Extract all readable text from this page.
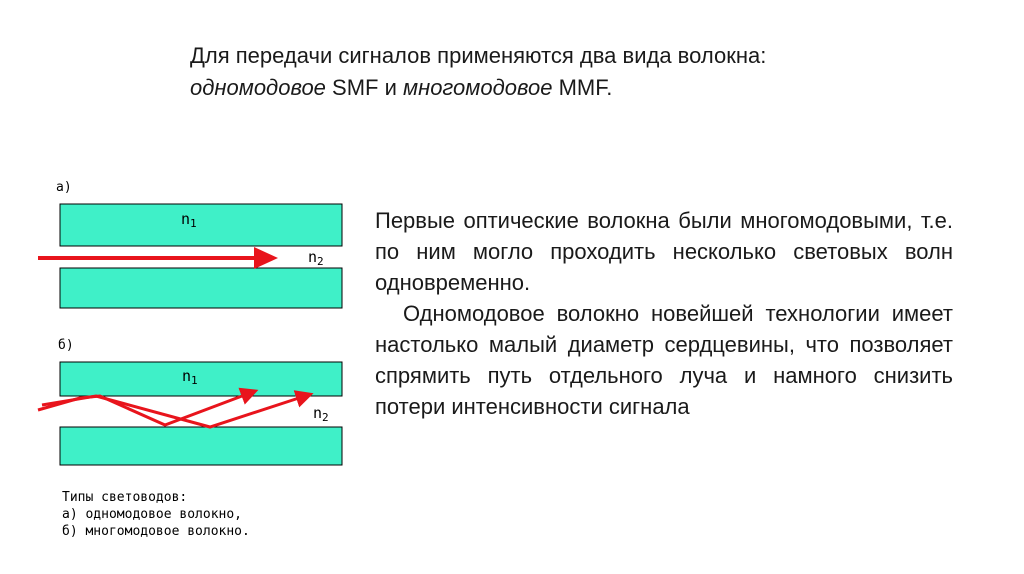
Для передачи сигналов применяются два вида волокна:
одномодовое SMF и многомодовое MMF.

Первые оптические волокна были многомодовыми, т.е. по ним могло проходить несколько световых волн одновременно.

Одномодовое волокно новейшей технологии имеет настолько малый диаметр сердцевины, что позволяет спрямить путь отдельного луча и намного снизить потери интенсивности сигнала

а)
$n_1$
$n_2$
б)
$n_1$
$n_2$
Типы световодов:
а) одномодовое волокно,
б) многомодовое волокно.
